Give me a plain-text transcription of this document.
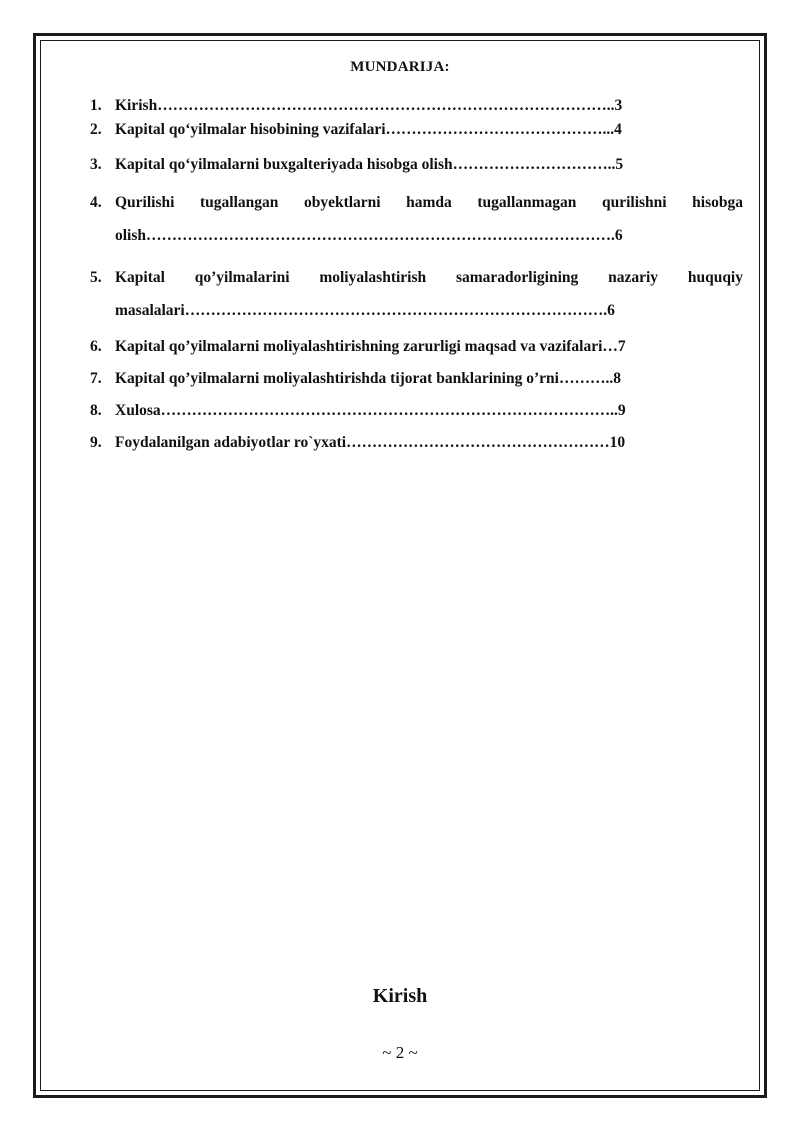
MUNDARIJA:
1. Kirish……………………………………………………………………………..3
2. Kapital qo‘yilmalar hisobining vazifalari……………………………………...4
3. Kapital qo‘yilmalarni buxgalteriyada hisobga olish…………………………..5
4. Qurilishi tugallangan obyektlarni hamda tugallanmagan qurilishni hisobga olish……………………………………………………………………………….6
5. Kapital qo’yilmalarini moliyalashtirish samaradorligining nazariy huquqiy masalalari……………………………………………………………………….6
6. Kapital qo’yilmalarni moliyalashtirishning zarurligi maqsad va vazifalari…7
7. Kapital qo’yilmalarni moliyalashtirishda tijorat banklarining o’rni………..8
8. Xulosa……………………………………………………………………………..9
9. Foydalanilgan adabiyotlar ro`yxati……………………………………………10
Kirish
~ 2 ~
